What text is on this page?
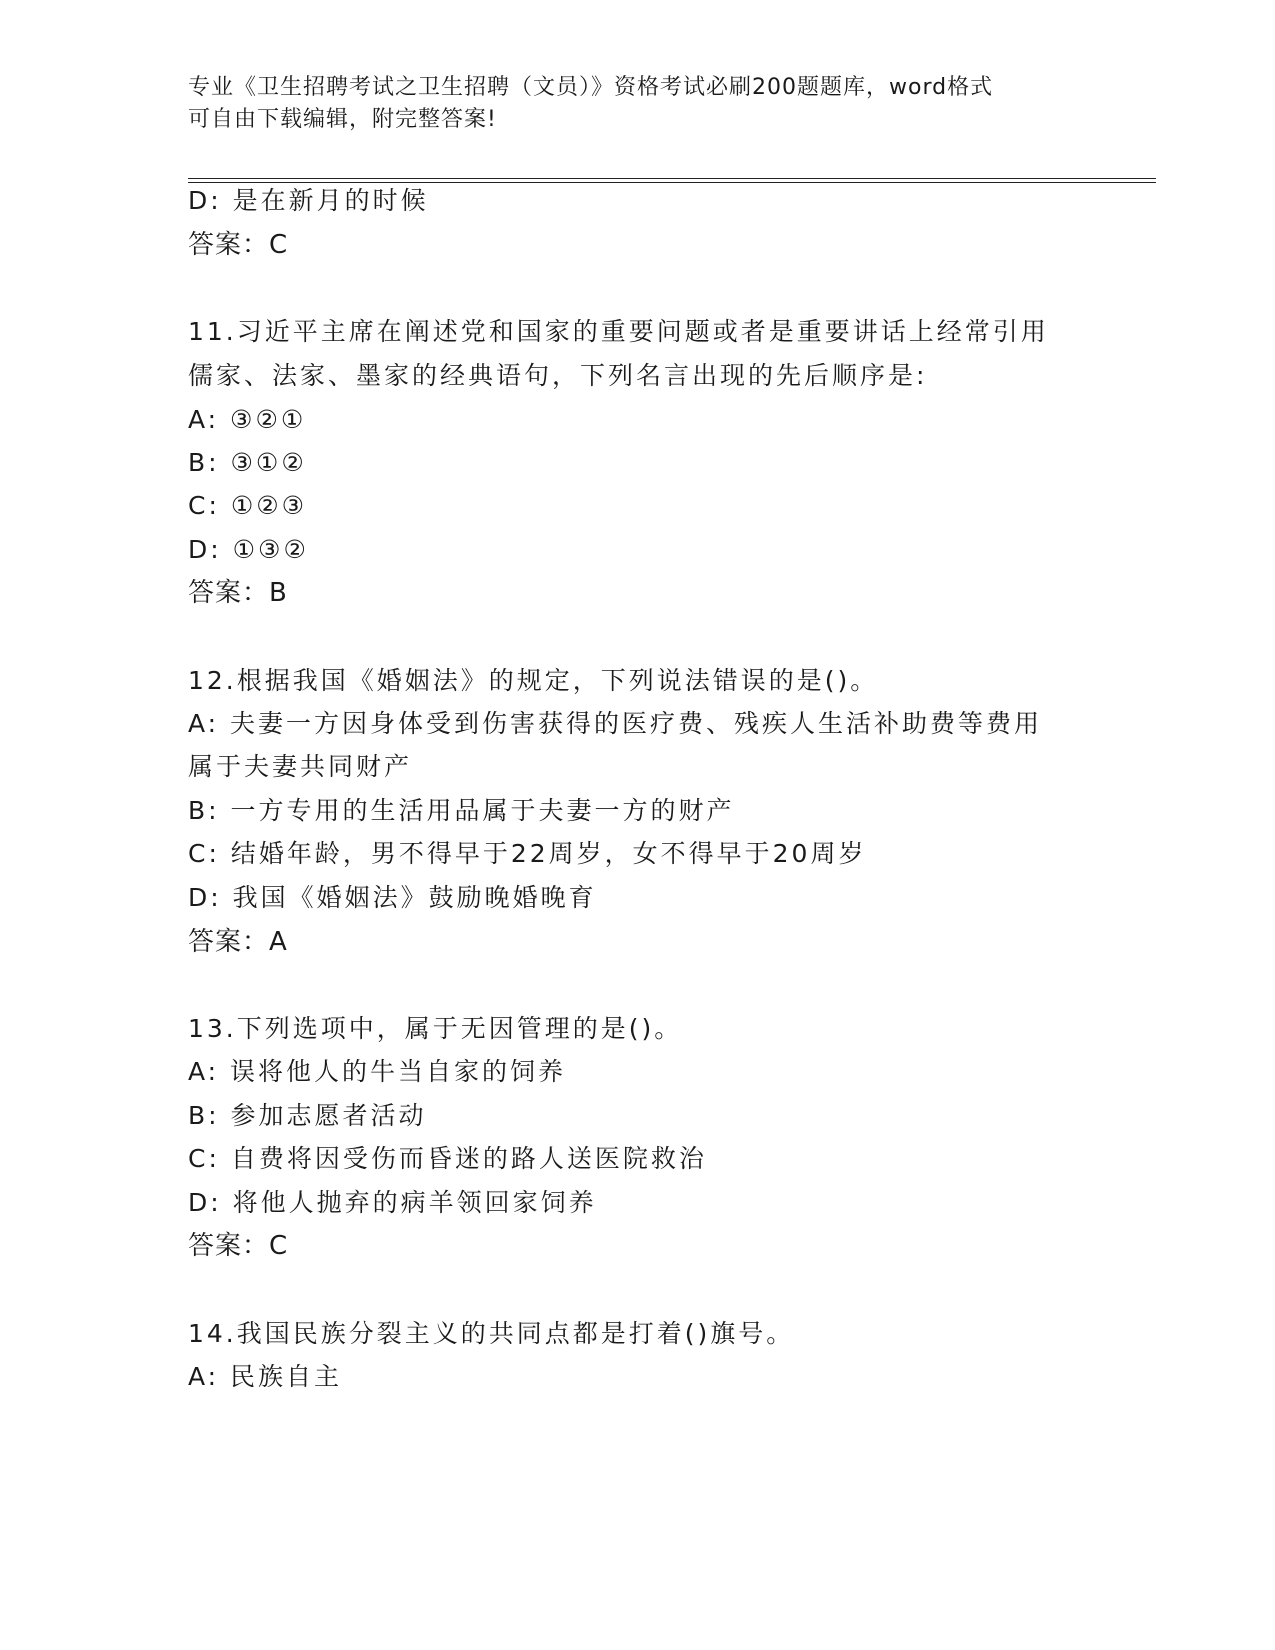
专业《卫生招聘考试之卫生招聘（文员）》资格考试必刷200题题库，word格式
可自由下载编辑，附完整答案!
D: 是在新月的时候
答案：C
11.习近平主席在阐述党和国家的重要问题或者是重要讲话上经常引用
儒家、法家、墨家的经典语句，下列名言出现的先后顺序是:
A: ③②①
B: ③①②
C: ①②③
D: ①③②
答案：B
12.根据我国《婚姻法》的规定，下列说法错误的是()。
A: 夫妻一方因身体受到伤害获得的医疗费、残疾人生活补助费等费用
属于夫妻共同财产
B: 一方专用的生活用品属于夫妻一方的财产
C: 结婚年龄，男不得早于22周岁，女不得早于20周岁
D: 我国《婚姻法》鼓励晚婚晚育
答案：A
13.下列选项中，属于无因管理的是()。
A: 误将他人的牛当自家的饲养
B: 参加志愿者活动
C: 自费将因受伤而昏迷的路人送医院救治
D: 将他人抛弃的病羊领回家饲养
答案：C
14.我国民族分裂主义的共同点都是打着()旗号。
A: 民族自主
